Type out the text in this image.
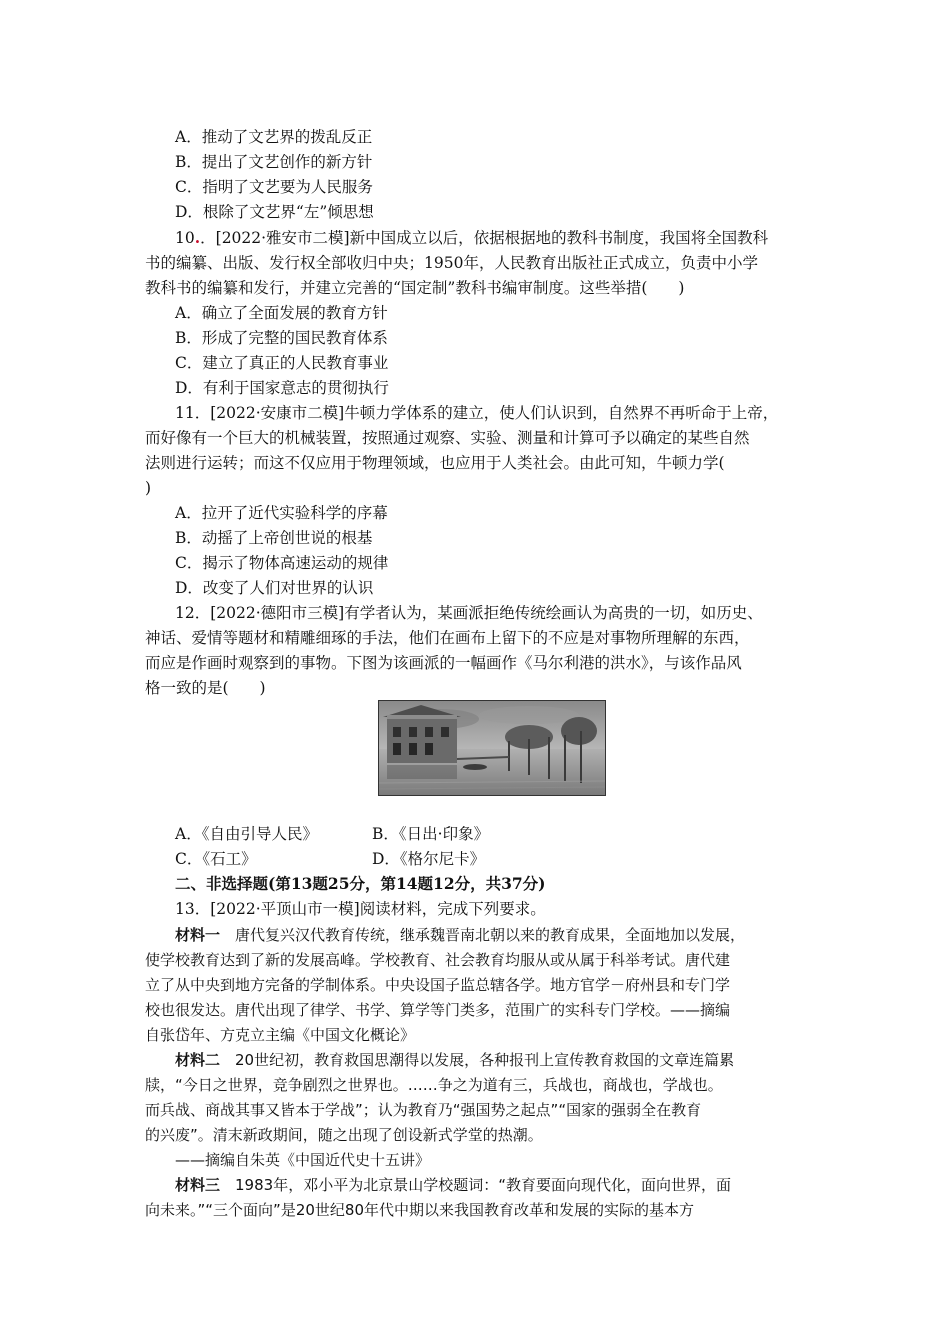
A．推动了文艺界的拨乱反正
B．提出了文艺创作的新方针
C．指明了文艺要为人民服务
D．根除了文艺界“左”倾思想
10.．[2022·雅安市二模]新中国成立以后，依据根据地的教科书制度，我国将全国教科
书的编纂、出版、发行权全部收归中央；1950年，人民教育出版社正式成立，负责中小学
教科书的编纂和发行，并建立完善的“国定制”教科书编审制度。这些举措(　　)
A．确立了全面发展的教育方针
B．形成了完整的国民教育体系
C．建立了真正的人民教育事业
D．有利于国家意志的贯彻执行
11．[2022·安康市二模]牛顿力学体系的建立，使人们认识到，自然界不再听命于上帝，
而好像有一个巨大的机械装置，按照通过观察、实验、测量和计算可予以确定的某些自然
法则进行运转；而这不仅应用于物理领域，也应用于人类社会。由此可知，牛顿力学(
)
A．拉开了近代实验科学的序幕
B．动摇了上帝创世说的根基
C．揭示了物体高速运动的规律
D．改变了人们对世界的认识
12．[2022·德阳市三模]有学者认为，某画派拒绝传统绘画认为高贵的一切，如历史、
神话、爱情等题材和精雕细琢的手法，他们在画布上留下的不应是对事物所理解的东西，
而应是作画时观察到的事物。下图为该画派的一幅画作《马尔利港的洪水》，与该作品风
格一致的是(　　)
A．《自由引导人民》	B．《日出·印象》
C．《石工》	D．《格尔尼卡》
二、非选择题(第13题25分，第14题12分，共37分)
13．[2022·平顶山市一模]阅读材料，完成下列要求。
材料一　唐代复兴汉代教育传统，继承魏晋南北朝以来的教育成果，全面地加以发展，
使学校教育达到了新的发展高峰。学校教育、社会教育均服从或从属于科举考试。唐代建
立了从中央到地方完备的学制体系。中央设国子监总辖各学。地方官学－府州县和专门学
校也很发达。唐代出现了律学、书学、算学等门类多，范围广的实科专门学校。——摘编
自张岱年、方克立主编《中国文化概论》
材料二　20世纪初，教育救国思潮得以发展，各种报刊上宣传教育救国的文章连篇累
牍，“今日之世界，竞争剧烈之世界也。……争之为道有三，兵战也，商战也，学战也。
而兵战、商战其事又皆本于学战”；认为教育乃“强国势之起点”“国家的强弱全在教育
的兴废”。清末新政期间，随之出现了创设新式学堂的热潮。
——摘编自朱英《中国近代史十五讲》
材料三　1983年，邓小平为北京景山学校题词：“教育要面向现代化，面向世界，面
向未来。”“三个面向”是20世纪80年代中期以来我国教育改革和发展的实际的基本方
